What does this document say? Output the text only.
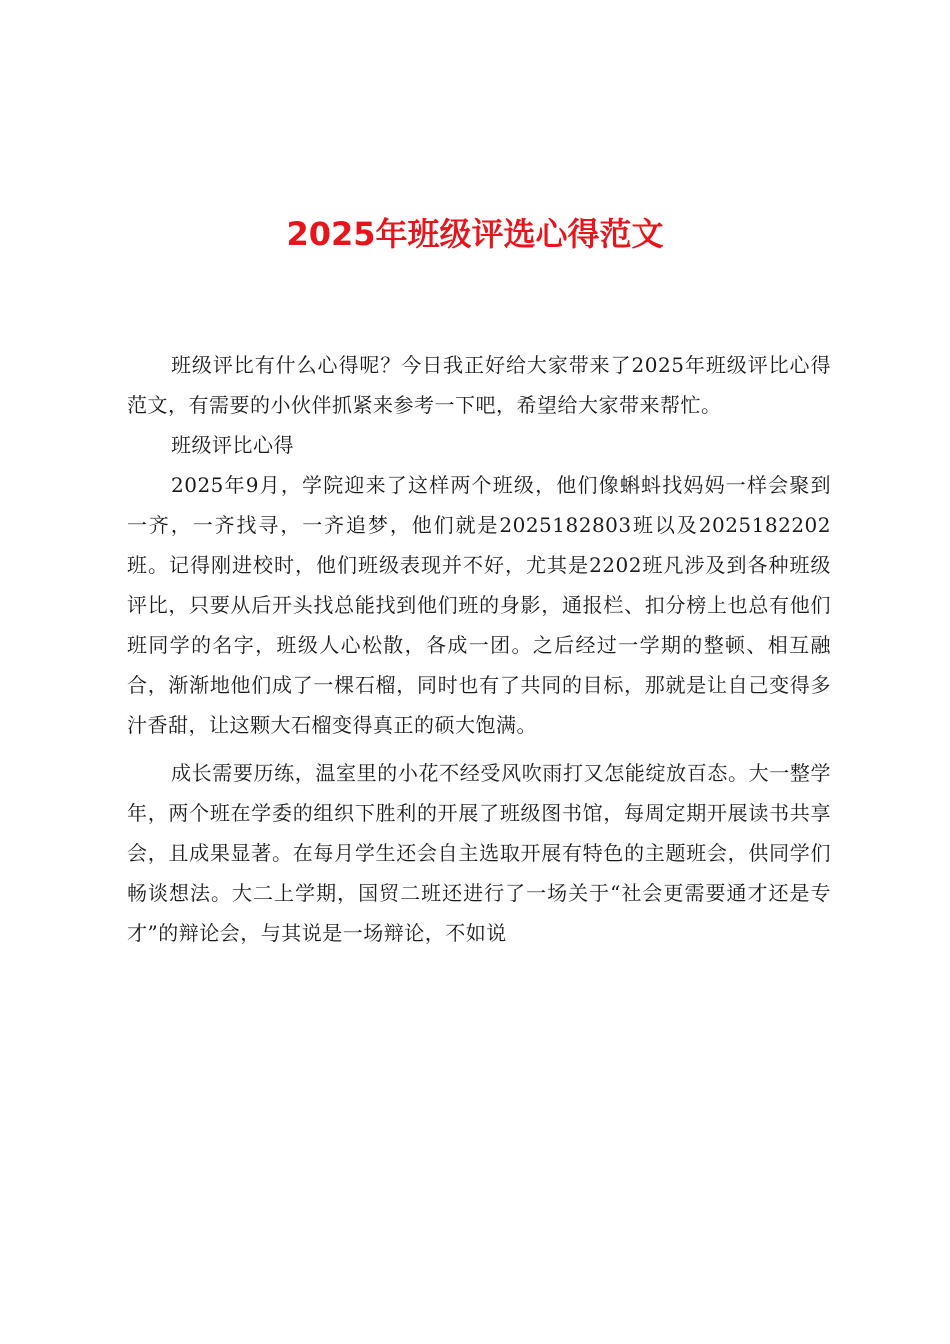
2025年班级评选心得范文

班级评比有什么心得呢？今日我正好给大家带来了2025年班级评比心得范文，有需要的小伙伴抓紧来参考一下吧，希望给大家带来帮忙。

班级评比心得

2025年9月，学院迎来了这样两个班级，他们像蝌蚪找妈妈一样会聚到一齐，一齐找寻，一齐追梦，他们就是2025182803班以及2025182202班。记得刚进校时，他们班级表现并不好，尤其是2202班凡涉及到各种班级评比，只要从后开头找总能找到他们班的身影，通报栏、扣分榜上也总有他们班同学的名字，班级人心松散，各成一团。之后经过一学期的整顿、相互融合，渐渐地他们成了一棵石榴，同时也有了共同的目标，那就是让自己变得多汁香甜，让这颗大石榴变得真正的硕大饱满。

成长需要历练，温室里的小花不经受风吹雨打又怎能绽放百态。大一整学年，两个班在学委的组织下胜利的开展了班级图书馆，每周定期开展读书共享会，且成果显著。在每月学生还会自主选取开展有特色的主题班会，供同学们畅谈想法。大二上学期，国贸二班还进行了一场关于“社会更需要通才还是专才”的辩论会，与其说是一场辩论，不如说
